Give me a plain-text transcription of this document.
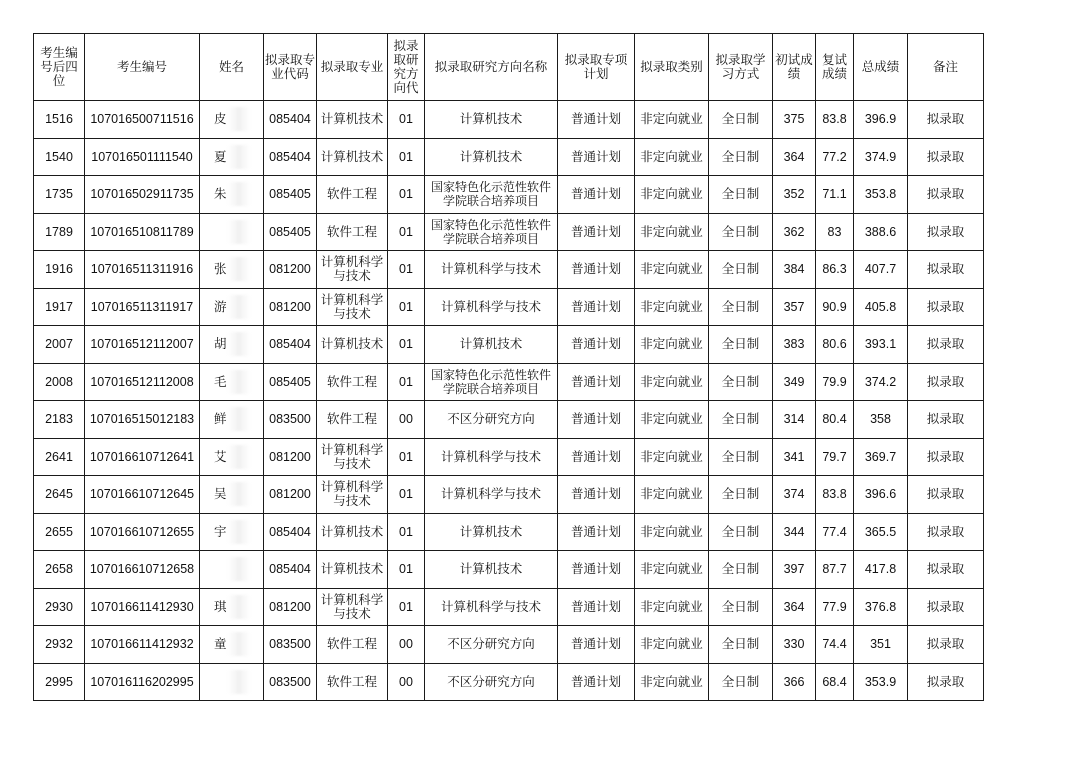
考生编号后四位	考生编号	姓名	拟录取专业代码	拟录取专业	拟录取研究方向代	拟录取研究方向名称	拟录取专项计划	拟录取类别	拟录取学习方式	初试成绩	复试成绩	总成绩	备注
1516	107016500711516	皮	085404	计算机技术	01	计算机技术	普通计划	非定向就业	全日制	375	83.8	396.9	拟录取
1540	107016501111540	夏	085404	计算机技术	01	计算机技术	普通计划	非定向就业	全日制	364	77.2	374.9	拟录取
1735	107016502911735	朱	085405	软件工程	01	国家特色化示范性软件学院联合培养项目	普通计划	非定向就业	全日制	352	71.1	353.8	拟录取
1789	107016510811789		085405	软件工程	01	国家特色化示范性软件学院联合培养项目	普通计划	非定向就业	全日制	362	83	388.6	拟录取
1916	107016511311916	张	081200	计算机科学与技术	01	计算机科学与技术	普通计划	非定向就业	全日制	384	86.3	407.7	拟录取
1917	107016511311917	游	081200	计算机科学与技术	01	计算机科学与技术	普通计划	非定向就业	全日制	357	90.9	405.8	拟录取
2007	107016512112007	胡	085404	计算机技术	01	计算机技术	普通计划	非定向就业	全日制	383	80.6	393.1	拟录取
2008	107016512112008	毛	085405	软件工程	01	国家特色化示范性软件学院联合培养项目	普通计划	非定向就业	全日制	349	79.9	374.2	拟录取
2183	107016515012183	鲜	083500	软件工程	00	不区分研究方向	普通计划	非定向就业	全日制	314	80.4	358	拟录取
2641	107016610712641	艾	081200	计算机科学与技术	01	计算机科学与技术	普通计划	非定向就业	全日制	341	79.7	369.7	拟录取
2645	107016610712645	吴	081200	计算机科学与技术	01	计算机科学与技术	普通计划	非定向就业	全日制	374	83.8	396.6	拟录取
2655	107016610712655	宇	085404	计算机技术	01	计算机技术	普通计划	非定向就业	全日制	344	77.4	365.5	拟录取
2658	107016610712658		085404	计算机技术	01	计算机技术	普通计划	非定向就业	全日制	397	87.7	417.8	拟录取
2930	107016611412930	琪	081200	计算机科学与技术	01	计算机科学与技术	普通计划	非定向就业	全日制	364	77.9	376.8	拟录取
2932	107016611412932	童	083500	软件工程	00	不区分研究方向	普通计划	非定向就业	全日制	330	74.4	351	拟录取
2995	107016116202995		083500	软件工程	00	不区分研究方向	普通计划	非定向就业	全日制	366	68.4	353.9	拟录取
